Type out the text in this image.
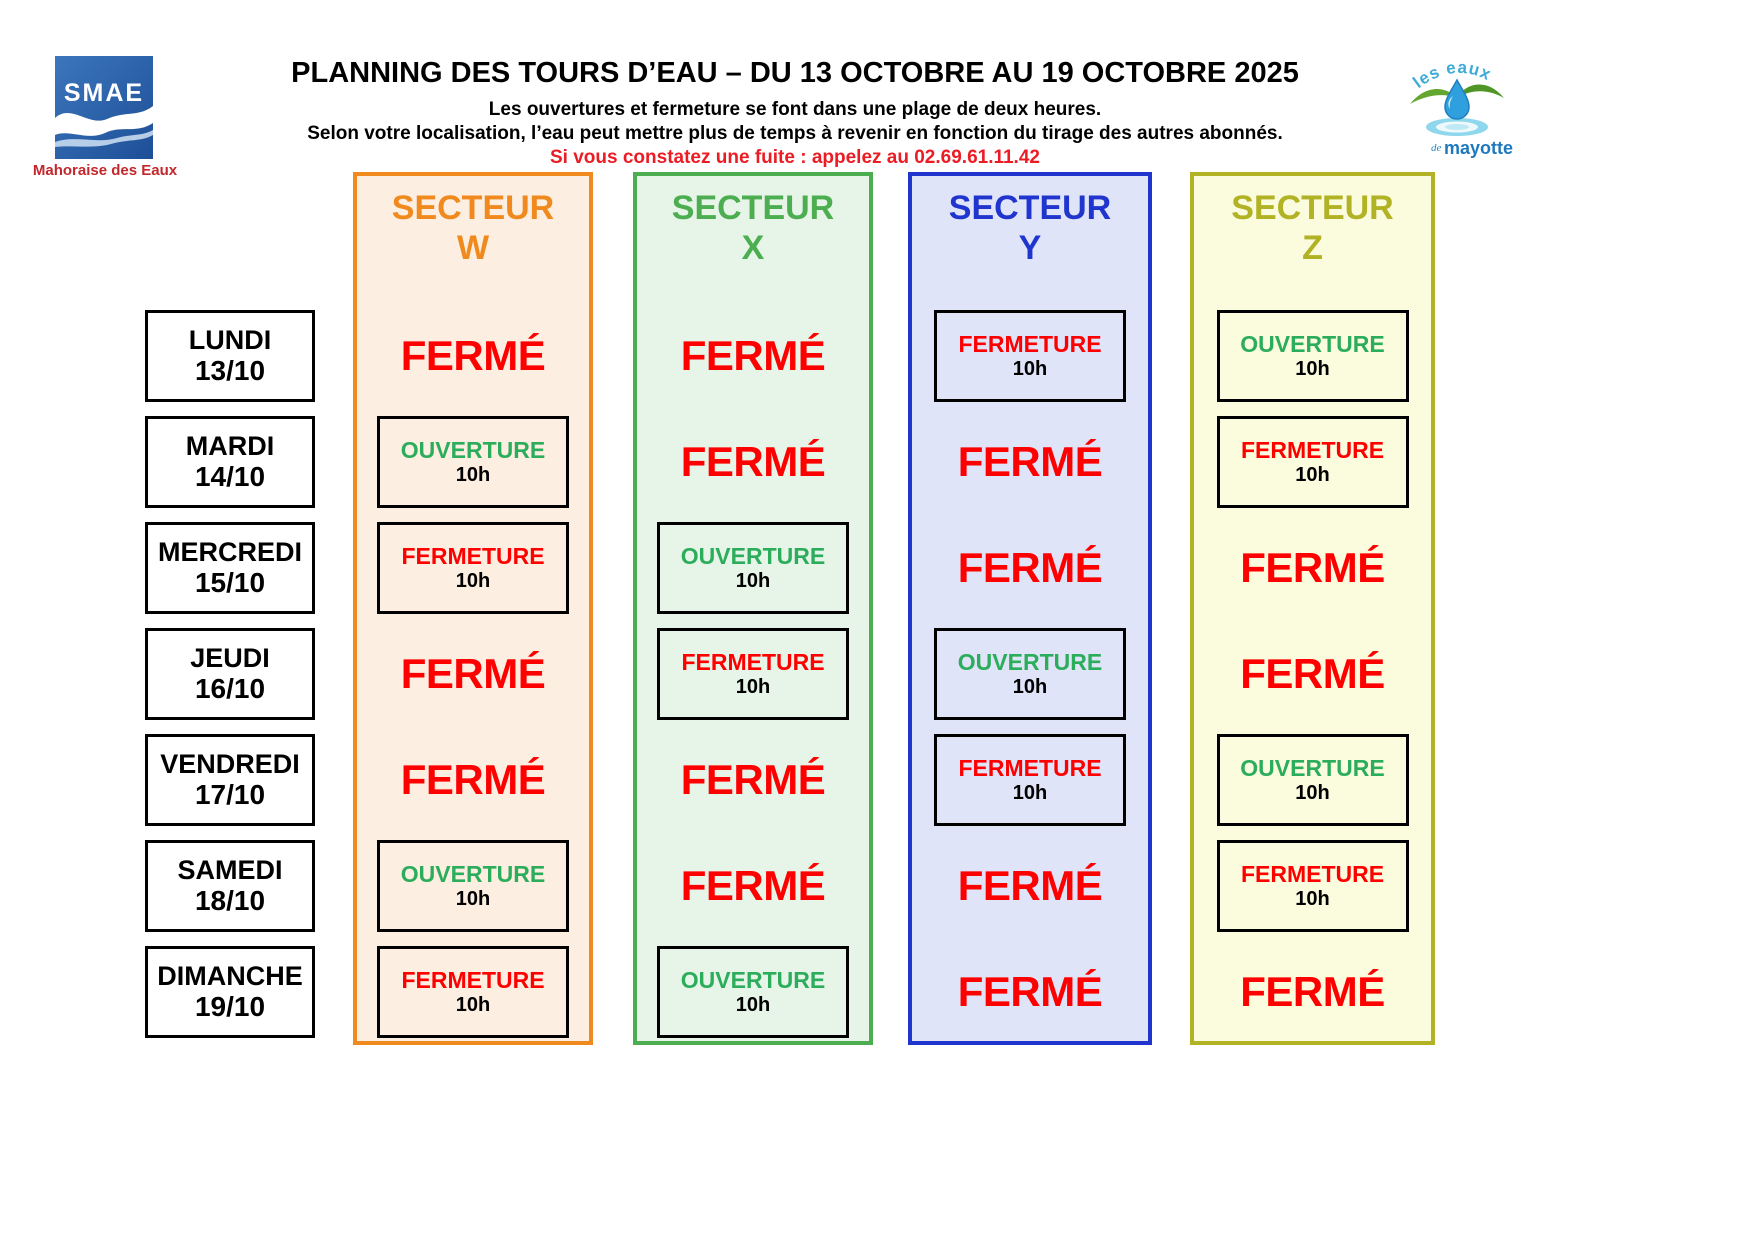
SMAE
Mahoraise des Eaux
PLANNING DES TOURS D’EAU – DU 13 OCTOBRE AU 19 OCTOBRE 2025
Les ouvertures et fermeture se font dans une plage de deux heures.
Selon votre localisation, l’eau peut mettre plus de temps à revenir en fonction du tirage des autres abonnés.
Si vous constatez une fuite : appelez au 02.69.61.11.42
les eaux
de mayotte
LUNDI
13/10
MARDI
14/10
MERCREDI
15/10
JEUDI
16/10
VENDREDI
17/10
SAMEDI
18/10
DIMANCHE
19/10
SECTEUR
W
FERMÉ
OUVERTURE
10h
FERMETURE
10h
FERMÉ
FERMÉ
OUVERTURE
10h
FERMETURE
10h
SECTEUR
X
FERMÉ
FERMÉ
OUVERTURE
10h
FERMETURE
10h
FERMÉ
FERMÉ
OUVERTURE
10h
SECTEUR
Y
FERMETURE
10h
FERMÉ
FERMÉ
OUVERTURE
10h
FERMETURE
10h
FERMÉ
FERMÉ
SECTEUR
Z
OUVERTURE
10h
FERMETURE
10h
FERMÉ
FERMÉ
OUVERTURE
10h
FERMETURE
10h
FERMÉ
